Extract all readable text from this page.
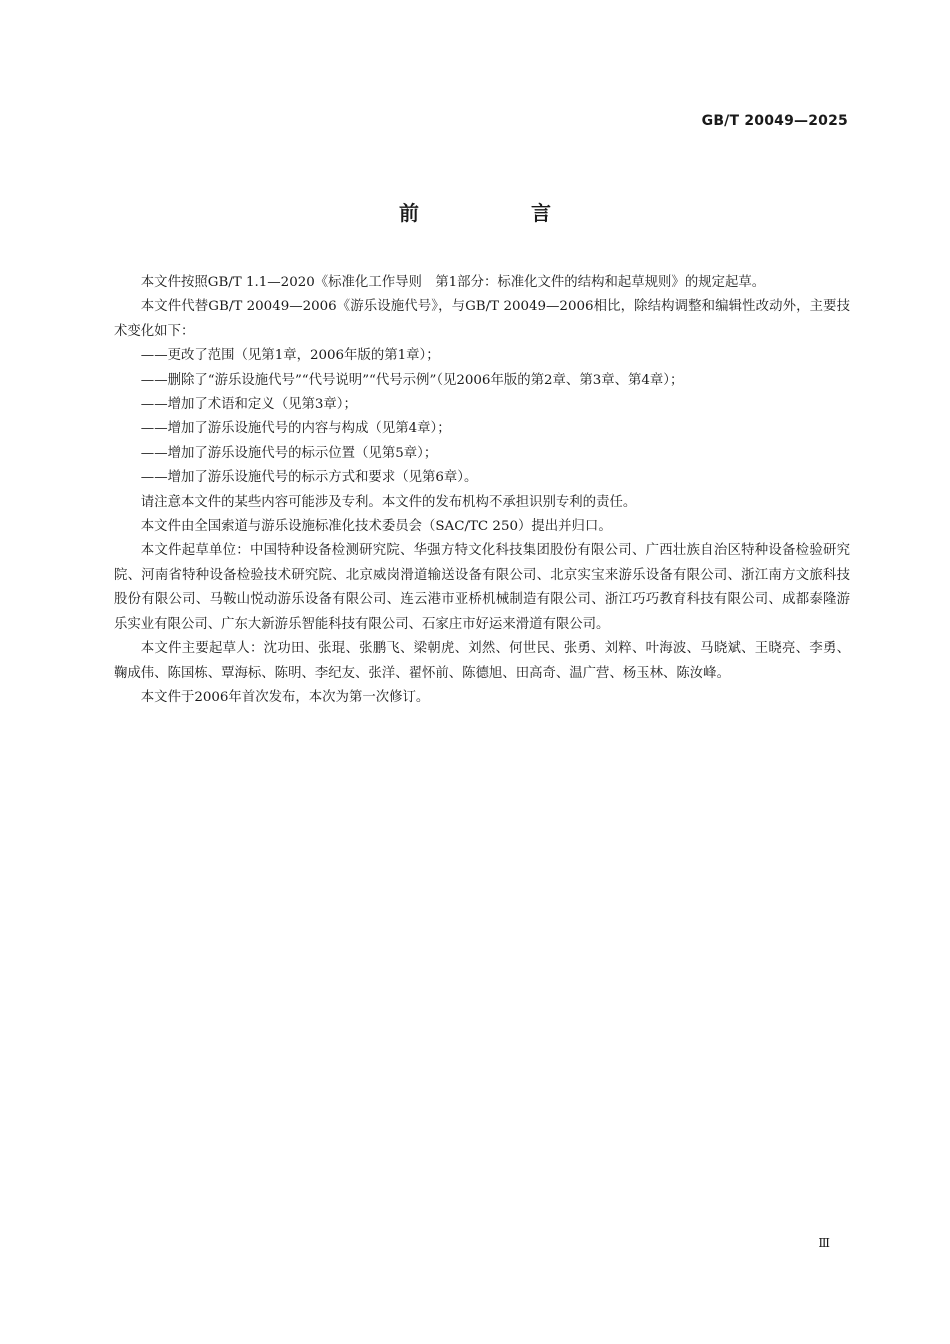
GB/T 20049—2025
前　言

本文件按照GB/T 1.1—2020《标准化工作导则　第1部分：标准化文件的结构和起草规则》的规定起草。

本文件代替GB/T 20049—2006《游乐设施代号》，与GB/T 20049—2006相比，除结构调整和编辑性改动外，主要技术变化如下：

——更改了范围（见第1章，2006年版的第1章）；

——删除了“游乐设施代号”“代号说明”“代号示例”（见2006年版的第2章、第3章、第4章）；

——增加了术语和定义（见第3章）；

——增加了游乐设施代号的内容与构成（见第4章）；

——增加了游乐设施代号的标示位置（见第5章）；

——增加了游乐设施代号的标示方式和要求（见第6章）。

请注意本文件的某些内容可能涉及专利。本文件的发布机构不承担识别专利的责任。

本文件由全国索道与游乐设施标准化技术委员会（SAC/TC 250）提出并归口。

本文件起草单位：中国特种设备检测研究院、华强方特文化科技集团股份有限公司、广西壮族自治区特种设备检验研究院、河南省特种设备检验技术研究院、北京威岗滑道输送设备有限公司、北京实宝来游乐设备有限公司、浙江南方文旅科技股份有限公司、马鞍山悦动游乐设备有限公司、连云港市亚桥机械制造有限公司、浙江巧巧教育科技有限公司、成都泰隆游乐实业有限公司、广东大新游乐智能科技有限公司、石家庄市好运来滑道有限公司。

本文件主要起草人：沈功田、张琨、张鹏飞、梁朝虎、刘然、何世民、张勇、刘粹、叶海波、马晓斌、王晓亮、李勇、鞠成伟、陈国栋、覃海标、陈明、李纪友、张洋、翟怀前、陈德旭、田高奇、温广营、杨玉林、陈汝峰。

本文件于2006年首次发布，本次为第一次修订。

Ⅲ
